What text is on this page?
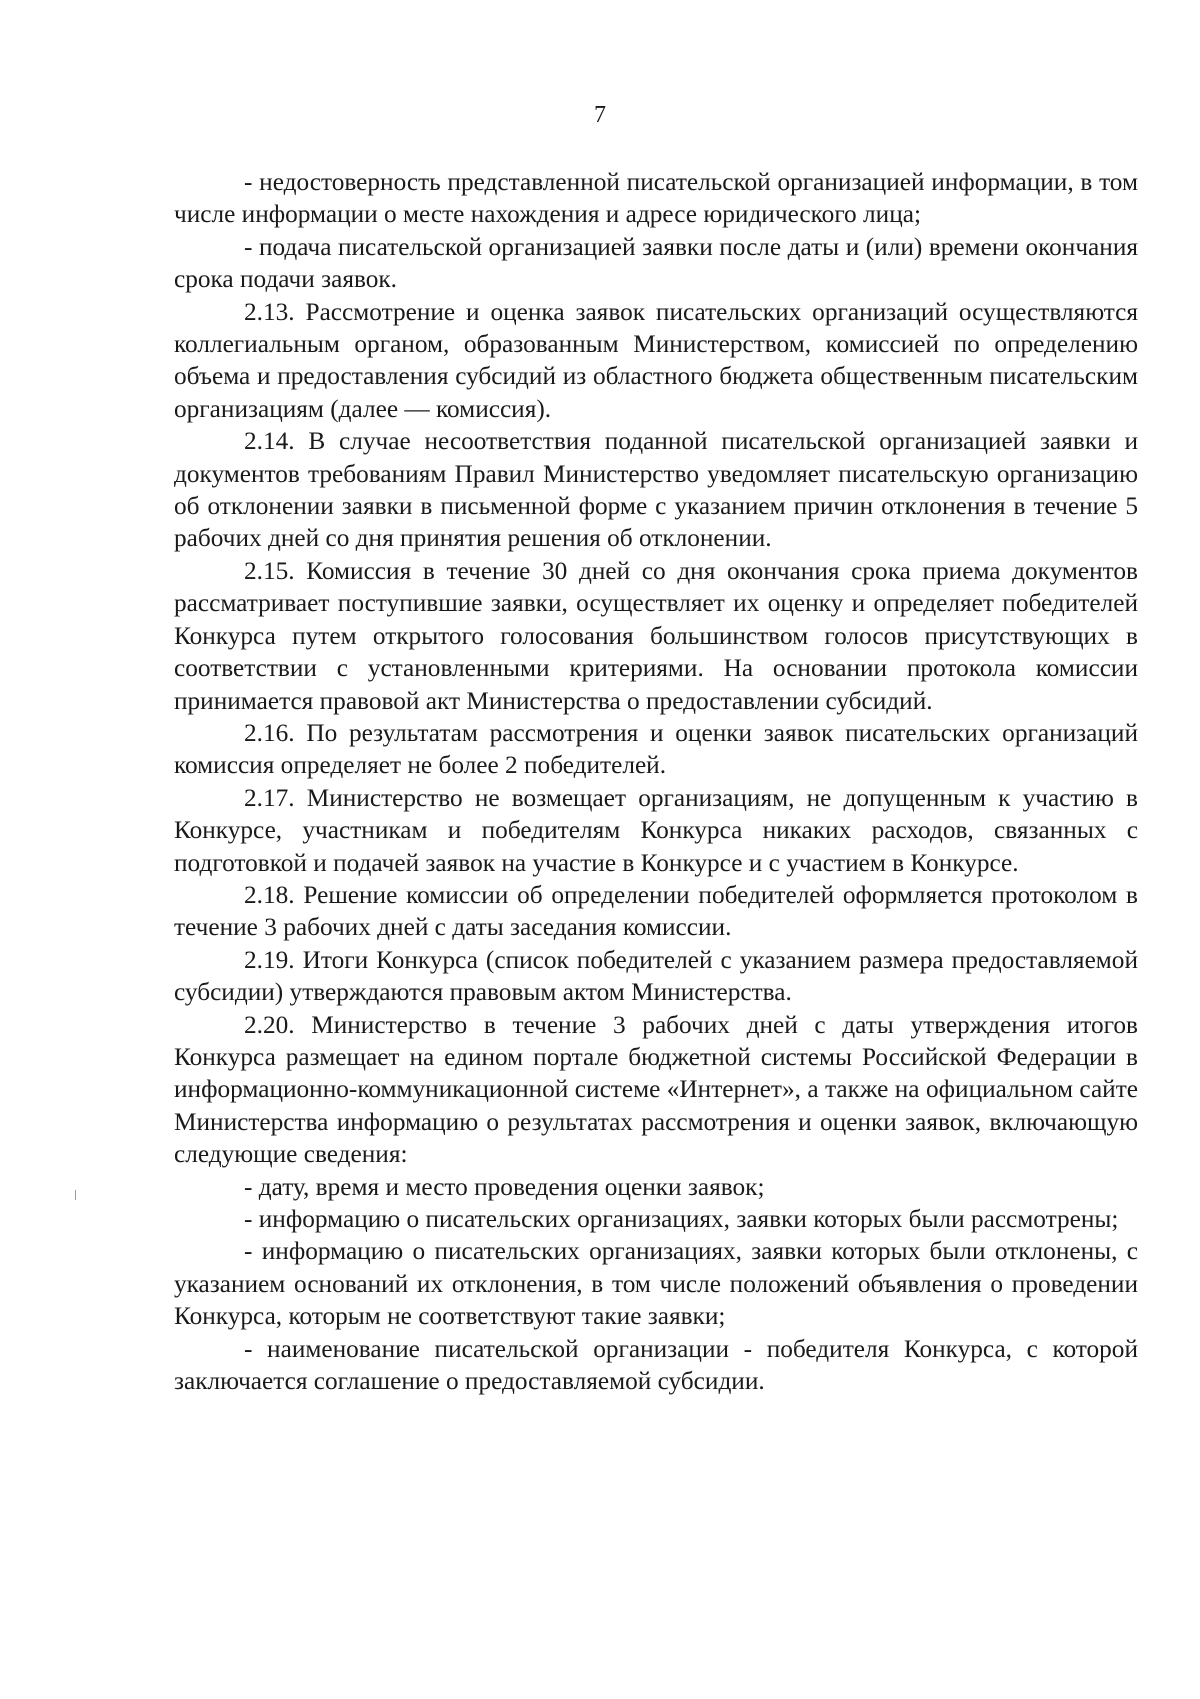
7

- недостоверность представленной писательской организацией информации, в том числе информации о месте нахождения и адресе юридического лица;

- подача писательской организацией заявки после даты и (или) времени окончания срока подачи заявок.

2.13. Рассмотрение и оценка заявок писательских организаций осуществляются коллегиальным органом, образованным Министерством, комиссией по определению объема и предоставления субсидий из областного бюджета общественным писательским организациям (далее — комиссия).

2.14. В случае несоответствия поданной писательской организацией заявки и документов требованиям Правил Министерство уведомляет писательскую организацию об отклонении заявки в письменной форме с указанием причин отклонения в течение 5 рабочих дней со дня принятия решения об отклонении.

2.15. Комиссия в течение 30 дней со дня окончания срока приема документов рассматривает поступившие заявки, осуществляет их оценку и определяет победителей Конкурса путем открытого голосования большинством голосов присутствующих в соответствии с установленными критериями. На основании протокола комиссии принимается правовой акт Министерства о предоставлении субсидий.

2.16. По результатам рассмотрения и оценки заявок писательских организаций комиссия определяет не более 2 победителей.

2.17. Министерство не возмещает организациям, не допущенным к участию в Конкурсе, участникам и победителям Конкурса никаких расходов, связанных с подготовкой и подачей заявок на участие в Конкурсе и с участием в Конкурсе.

2.18. Решение комиссии об определении победителей оформляется протоколом в течение 3 рабочих дней с даты заседания комиссии.

2.19. Итоги Конкурса (список победителей с указанием размера предоставляемой субсидии) утверждаются правовым актом Министерства.

2.20. Министерство в течение 3 рабочих дней с даты утверждения итогов Конкурса размещает на едином портале бюджетной системы Российской Федерации в информационно-коммуникационной системе «Интернет», а также на официальном сайте Министерства информацию о результатах рассмотрения и оценки заявок, включающую следующие сведения:

- дату, время и место проведения оценки заявок;

- информацию о писательских организациях, заявки которых были рассмотрены;

- информацию о писательских организациях, заявки которых были отклонены, с указанием оснований их отклонения, в том числе положений объявления о проведении Конкурса, которым не соответствуют такие заявки;

- наименование писательской организации - победителя Конкурса, с которой заключается соглашение о предоставляемой субсидии.
